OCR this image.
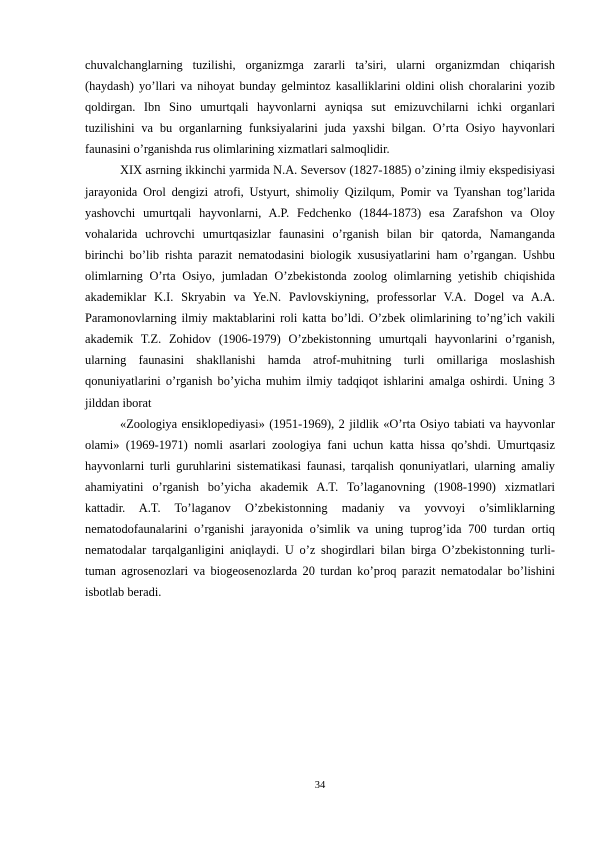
chuvalchanglarning tuzilishi, organizmga zararli ta’siri, ularni organizmdan chiqarish (haydash) yo’llari va nihoyat bunday gelmintoz kasalliklarini oldini olish choralarini yozib qoldirgan. Ibn Sino umurtqali hayvonlarni ayniqsa sut emizuvchilarni ichki organlari tuzilishini va bu organlarning funksiyalarini juda yaxshi bilgan. O’rta Osiyo hayvonlari faunasini o’rganishda rus olimlarining xizmatlari salmoqlidir.

XIX asrning ikkinchi yarmida N.A. Seversov (1827-1885) o’zining ilmiy ekspedisiyasi jarayonida Orol dengizi atrofi, Ustyurt, shimoliy Qizilqum, Pomir va Tyanshan tog’larida yashovchi umurtqali hayvonlarni, A.P. Fedchenko (1844-1873) esa Zarafshon va Oloy vohalarida uchrovchi umurtqasizlar faunasini o’rganish bilan bir qatorda, Namanganda birinchi bo’lib rishta parazit nematodasini biologik xususiyatlarini ham o’rgangan. Ushbu olimlarning O’rta Osiyo, jumladan O’zbekistonda zoolog olimlarning yetishib chiqishida akademiklar K.I. Skryabin va Ye.N. Pavlovskiyning, professorlar V.A. Dogel va A.A. Paramonovlarning ilmiy maktablarini roli katta bo’ldi. O’zbek olimlarining to’ng’ich vakili akademik T.Z. Zohidov (1906-1979) O’zbekistonning umurtqali hayvonlarini o’rganish, ularning faunasini shakllanishi hamda atrof-muhitning turli omillariga moslashish qonuniyatlarini o’rganish bo’yicha muhim ilmiy tadqiqot ishlarini amalga oshirdi. Uning 3 jilddan iborat

«Zoologiya ensiklopediyasi» (1951-1969), 2 jildlik «O’rta Osiyo tabiati va hayvonlar olami» (1969-1971) nomli asarlari zoologiya fani uchun katta hissa qo’shdi. Umurtqasiz hayvonlarni turli guruhlarini sistematikasi faunasi, tarqalish qonuniyatlari, ularning amaliy ahamiyatini o’rganish bo’yicha akademik A.T. To’laganovning (1908-1990) xizmatlari kattadir. A.T. To’laganov O’zbekistonning madaniy va yovvoyi o’simliklarning nematodofaunalarini o’rganishi jarayonida o’simlik va uning tuprog’ida 700 turdan ortiq nematodalar tarqalganligini aniqlaydi. U o’z shogirdlari bilan birga O’zbekistonning turli-tuman agrosenozlari va biogeosenozlarda 20 turdan ko’proq parazit nematodalar bo’lishini isbotlab beradi.

34
